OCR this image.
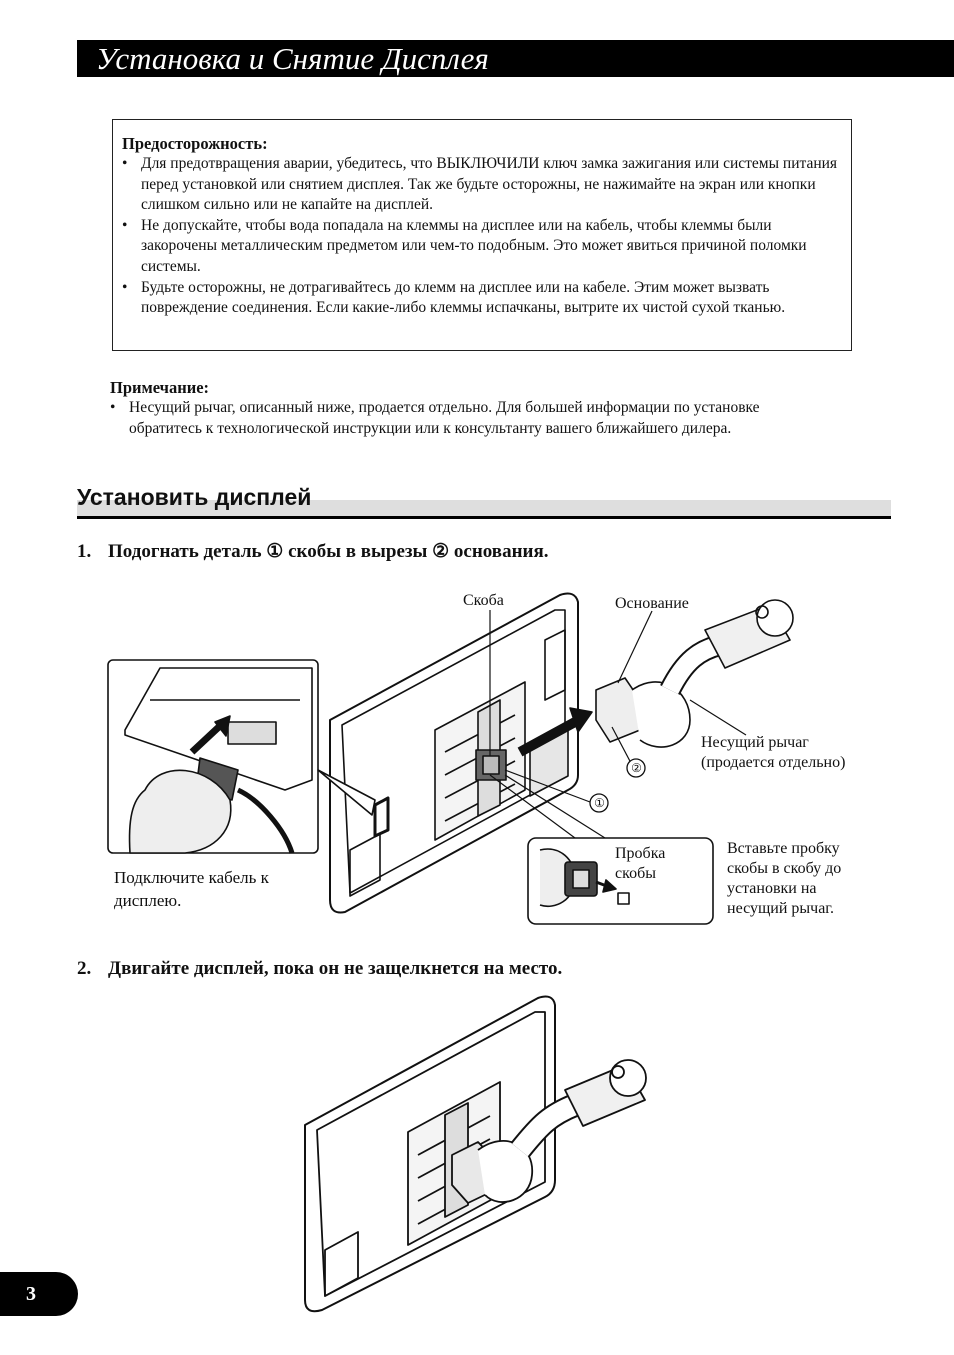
Установка и Снятие Дисплея
Предосторожность:
• Для предотвращения аварии, убедитесь, что ВЫКЛЮЧИЛИ ключ замка зажигания или системы питания перед установкой или снятием дисплея. Так же будьте осторожны, не нажимайте на экран или кнопки слишком сильно или не капайте на дисплей.
• Не допускайте, чтобы вода попадала на клеммы на дисплее или на кабель, чтобы клеммы были закорочены металлическим предметом или чем-то подобным. Это может явиться причиной поломки системы.
• Будьте осторожны, не дотрагивайтесь до клемм на дисплее или на кабеле. Этим может вызвать повреждение соединения. Если какие-либо клеммы испачканы, вытрите их чистой сухой тканью.
Примечание:
• Несущий рычаг, описанный ниже, продается отдельно. Для большей информации по установке обратитесь к технологической инструкции или к консультанту вашего ближайшего дилера.
Установить дисплей
1. Подогнать деталь ① скобы в вырезы ② основания.
Скоба	Основание
Несущий рычаг
(продается отдельно)
①
②
Подключите кабель к
дисплею.
Пробка
скобы
Вставьте пробку
скобы в скобу до
установки на
несущий рычаг.
2. Двигайте дисплей, пока он не защелкнется на место.
3
